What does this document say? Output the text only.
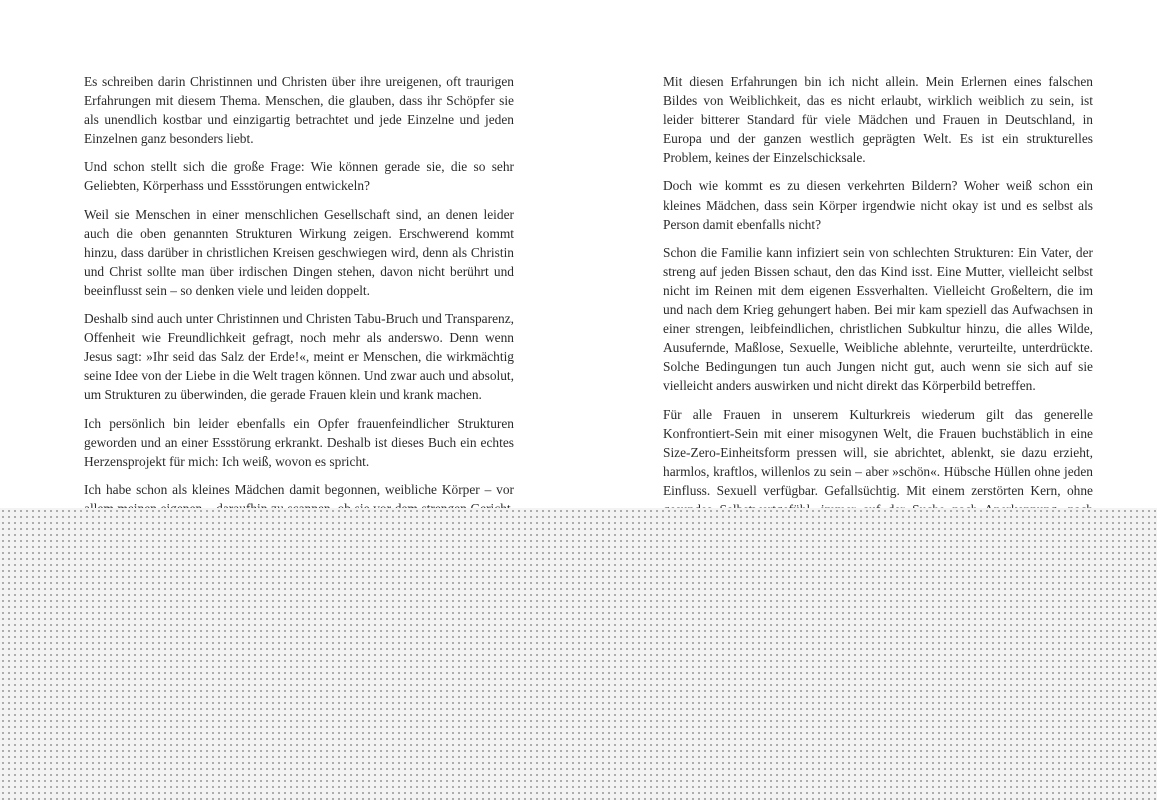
Es schreiben darin Christinnen und Christen über ihre ureigenen, oft traurigen Erfahrungen mit diesem Thema. Menschen, die glauben, dass ihr Schöpfer sie als unendlich kostbar und einzigartig betrachtet und jede Einzelne und jeden Einzelnen ganz besonders liebt.

Und schon stellt sich die große Frage: Wie können gerade sie, die so sehr Geliebten, Körperhass und Essstörungen entwickeln?

Weil sie Menschen in einer menschlichen Gesellschaft sind, an denen leider auch die oben genannten Strukturen Wirkung zeigen. Erschwerend kommt hinzu, dass darüber in christlichen Kreisen geschwiegen wird, denn als Christin und Christ sollte man über irdischen Dingen stehen, davon nicht berührt und beeinflusst sein – so denken viele und leiden doppelt.

Deshalb sind auch unter Christinnen und Christen Tabu-Bruch und Transparenz, Offenheit wie Freundlichkeit gefragt, noch mehr als anderswo. Denn wenn Jesus sagt: »Ihr seid das Salz der Erde!«, meint er Menschen, die wirkmächtig seine Idee von der Liebe in die Welt tragen können. Und zwar auch und absolut, um Strukturen zu überwinden, die gerade Frauen klein und krank machen.

Ich persönlich bin leider ebenfalls ein Opfer frauenfeindlicher Strukturen geworden und an einer Essstörung erkrankt. Deshalb ist dieses Buch ein echtes Herzensprojekt für mich: Ich weiß, wovon es spricht.

Ich habe schon als kleines Mädchen damit begonnen, weibliche Körper – vor

Mit diesen Erfahrungen bin ich nicht allein. Mein Erlernen eines falschen Bildes von Weiblichkeit, das es nicht erlaubt, wirklich weiblich zu sein, ist leider bitterer Standard für viele Mädchen und Frauen in Deutschland, in Europa und der ganzen westlich geprägten Welt. Es ist ein strukturelles Problem, keines der Einzelschicksale.

Doch wie kommt es zu diesen verkehrten Bildern? Woher weiß schon ein kleines Mädchen, dass sein Körper irgendwie nicht okay ist und es selbst als Person damit ebenfalls nicht?

Schon die Familie kann infiziert sein von schlechten Strukturen: Ein Vater, der streng auf jeden Bissen schaut, den das Kind isst. Eine Mutter, vielleicht selbst nicht im Reinen mit dem eigenen Essverhalten. Vielleicht Großeltern, die im und nach dem Krieg gehungert haben. Bei mir kam speziell das Aufwachsen in einer strengen, leibfeindlichen, christlichen Subkultur hinzu, die alles Wilde, Ausufernde, Maßlose, Sexuelle, Weibliche ablehnte, verurteilte, unterdrückte. Solche Bedingungen tun auch Jungen nicht gut, auch wenn sie sich auf sie vielleicht anders auswirken und nicht direkt das Körperbild betreffen.

Für alle Frauen in unserem Kulturkreis wiederum gilt das generelle Konfrontiert-Sein mit einer misogynen Welt, die Frauen buchstäblich in eine Size-Zero-Einheitsform pressen will, sie abrichtet, ablenkt, sie dazu erzieht, harmlos, kraftlos, willenlos zu sein – aber »schön«. Hübsche Hüllen ohne jeden Einfluss. Sexuell verfügbar. Gefallsüchtig. Mit einem zerstörten Kern, ohne
